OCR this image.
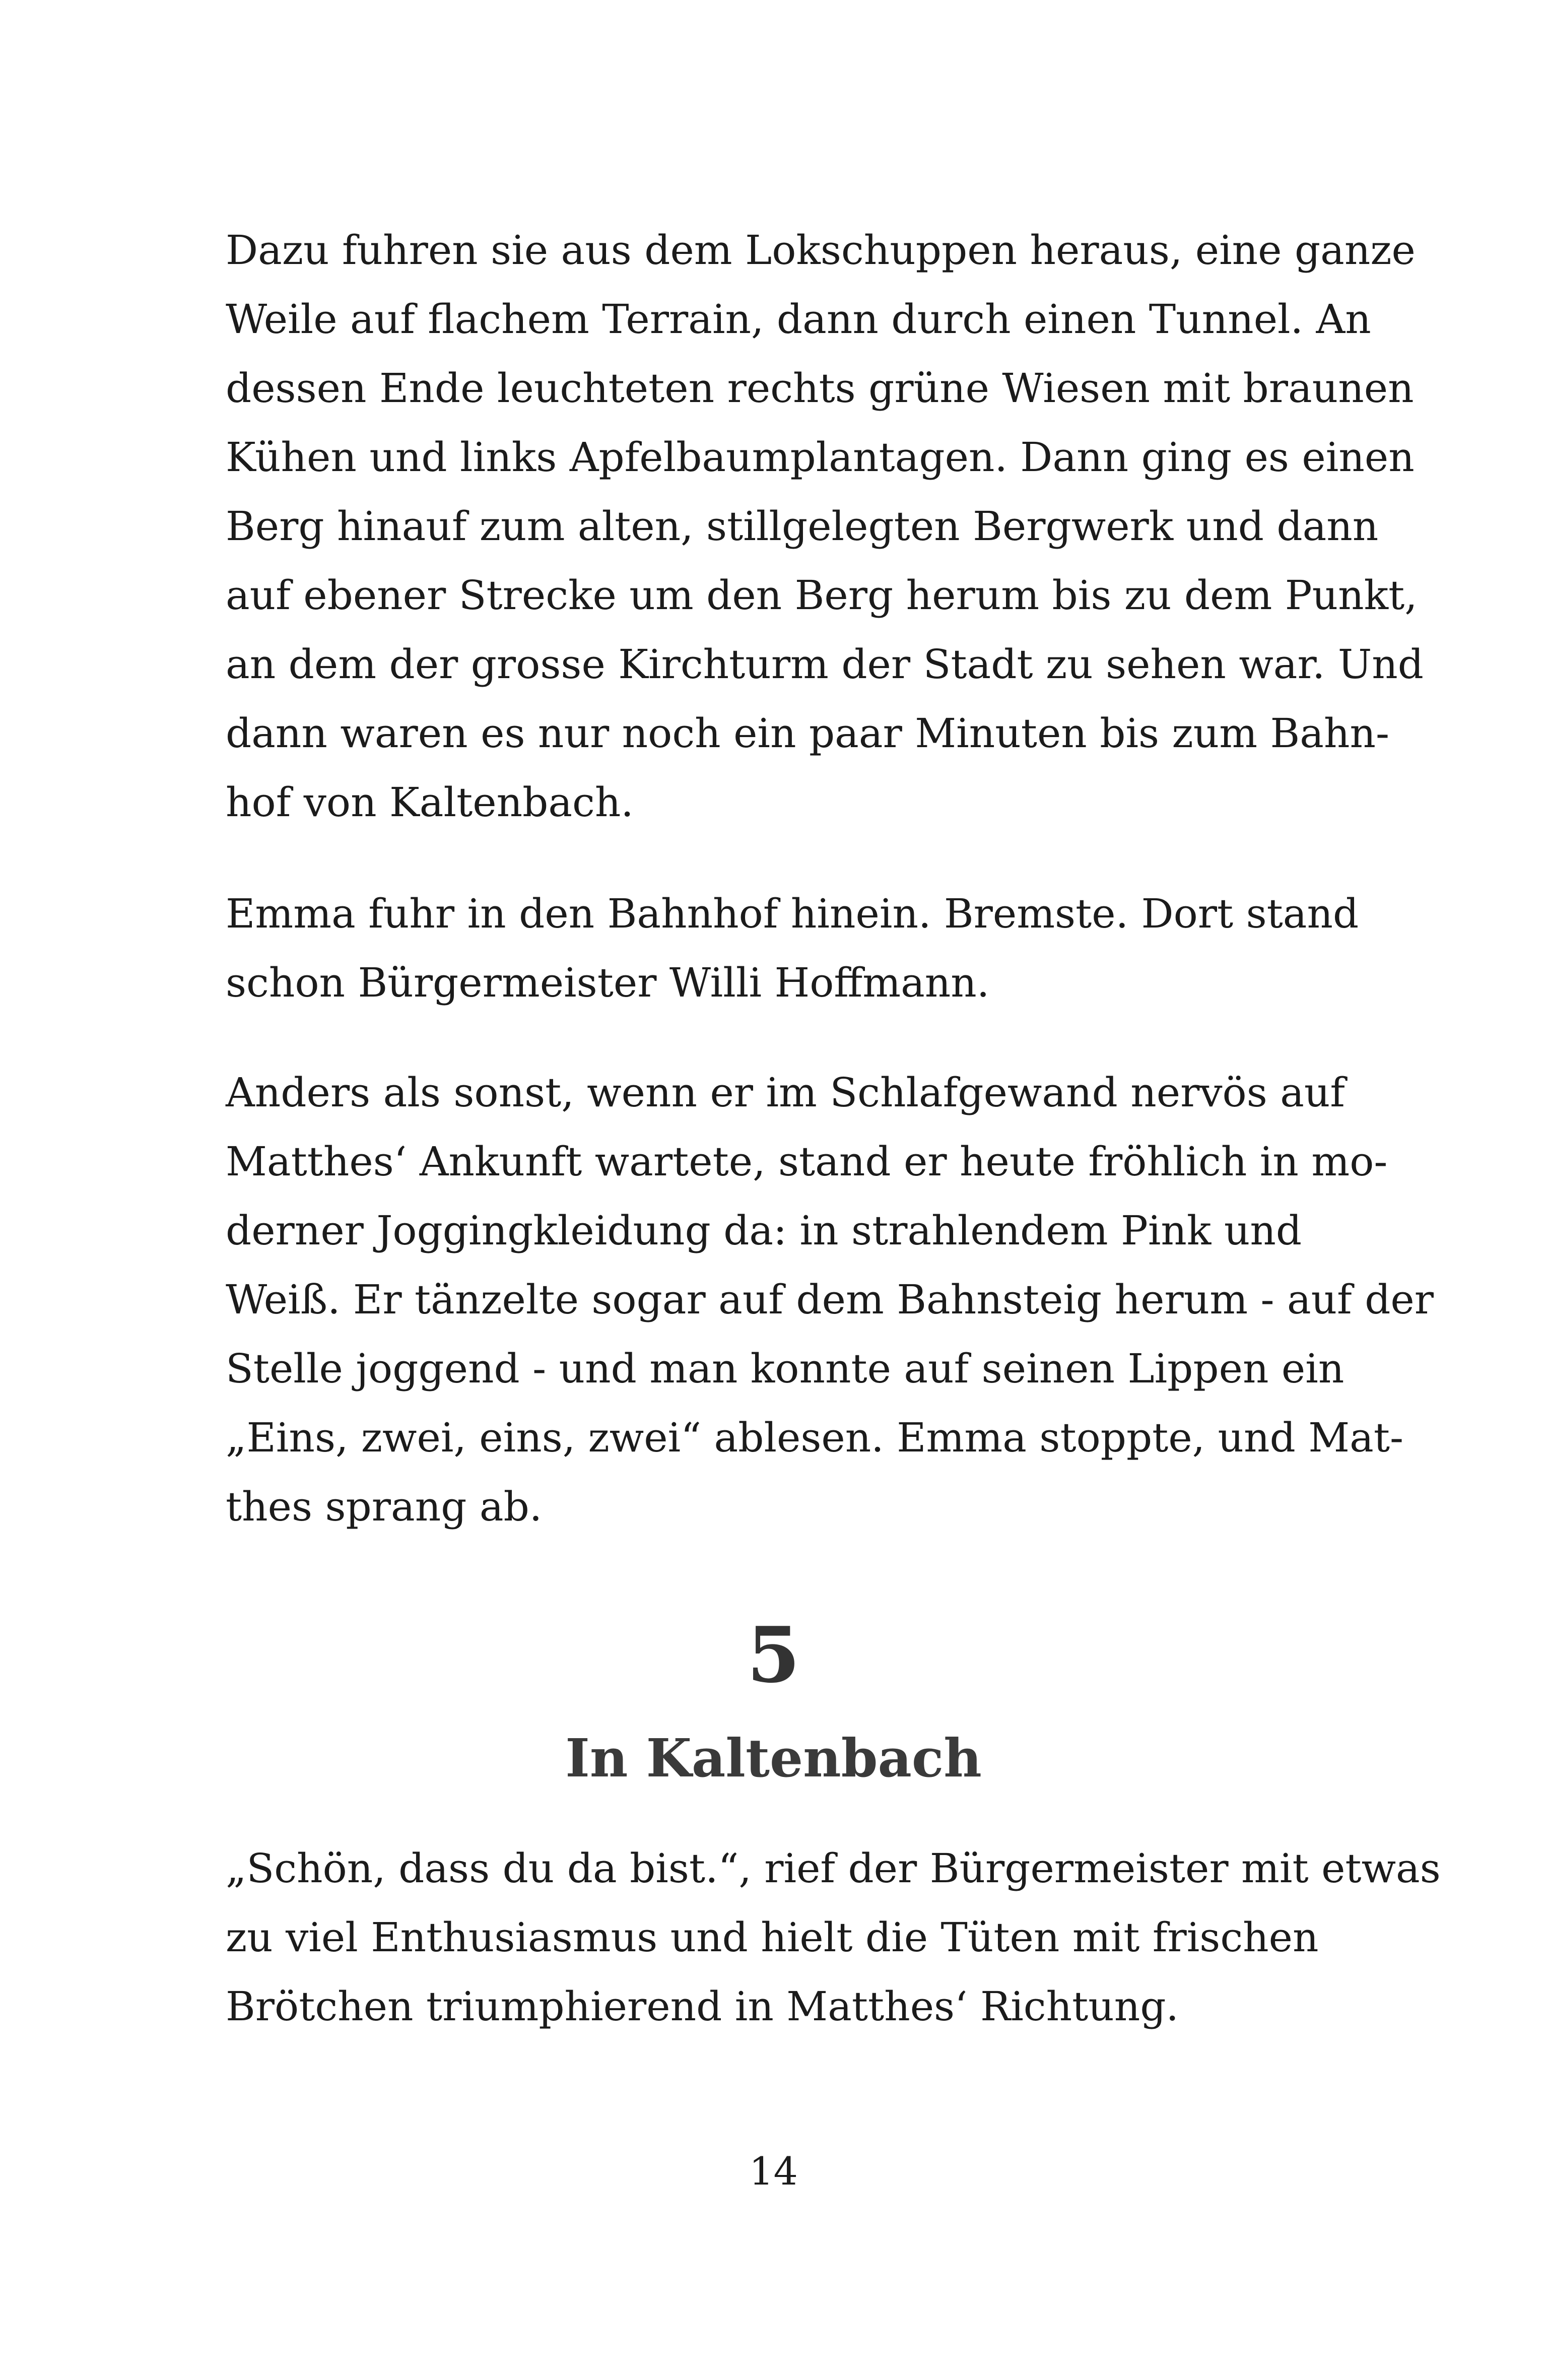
Dazu fuhren sie aus dem Lokschuppen heraus, eine ganze
Weile auf flachem Terrain, dann durch einen Tunnel. An
dessen Ende leuchteten rechts grüne Wiesen mit braunen
Kühen und links Apfelbaumplantagen. Dann ging es einen
Berg hinauf zum alten, stillgelegten Bergwerk und dann
auf ebener Strecke um den Berg herum bis zu dem Punkt,
an dem der grosse Kirchturm der Stadt zu sehen war. Und
dann waren es nur noch ein paar Minuten bis zum Bahn-
hof von Kaltenbach.
Emma fuhr in den Bahnhof hinein. Bremste. Dort stand
schon Bürgermeister Willi Hoffmann.
Anders als sonst, wenn er im Schlafgewand nervös auf
Matthes‘ Ankunft wartete, stand er heute fröhlich in mo-
derner Joggingkleidung da: in strahlendem Pink und
Weiß. Er tänzelte sogar auf dem Bahnsteig herum - auf der
Stelle joggend - und man konnte auf seinen Lippen ein
„Eins, zwei, eins, zwei“ ablesen. Emma stoppte, und Mat-
thes sprang ab.
5
In Kaltenbach
„Schön, dass du da bist.“, rief der Bürgermeister mit etwas
zu viel Enthusiasmus und hielt die Tüten mit frischen
Brötchen triumphierend in Matthes‘ Richtung.
14
